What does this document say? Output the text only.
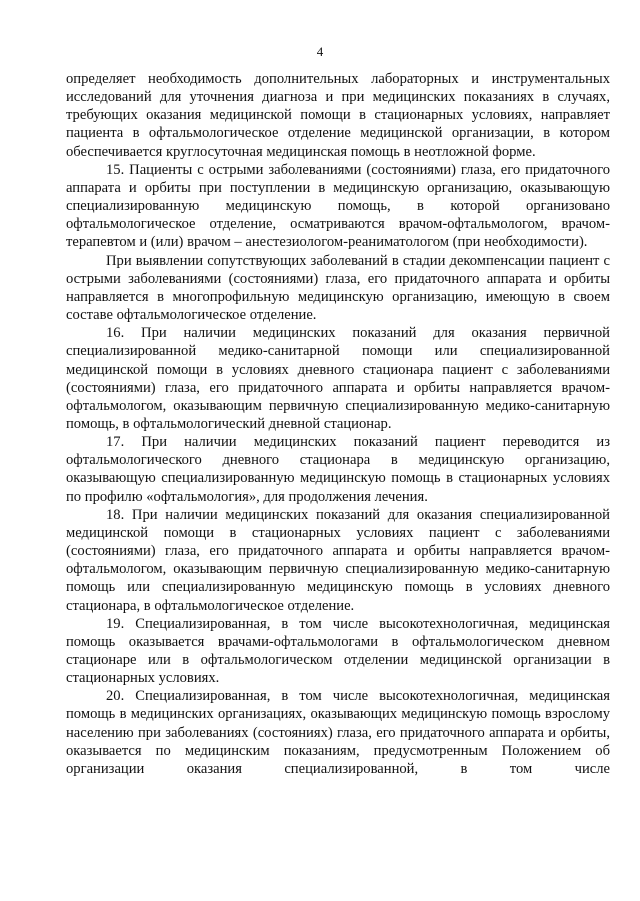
4

определяет необходимость дополнительных лабораторных и инструментальных исследований для уточнения диагноза и при медицинских показаниях в случаях, требующих оказания медицинской помощи в стационарных условиях, направляет пациента в офтальмологическое отделение медицинской организации, в котором обеспечивается круглосуточная медицинская помощь в неотложной форме.

15. Пациенты с острыми заболеваниями (состояниями) глаза, его придаточного аппарата и орбиты при поступлении в медицинскую организацию, оказывающую специализированную медицинскую помощь, в которой организовано офтальмологическое отделение, осматриваются врачом-офтальмологом, врачом-терапевтом и (или) врачом – анестезиологом-реаниматологом (при необходимости).

При выявлении сопутствующих заболеваний в стадии декомпенсации пациент с острыми заболеваниями (состояниями) глаза, его придаточного аппарата и орбиты направляется в многопрофильную медицинскую организацию, имеющую в своем составе офтальмологическое отделение.

16. При наличии медицинских показаний для оказания первичной специализированной медико-санитарной помощи или специализированной медицинской помощи в условиях дневного стационара пациент с заболеваниями (состояниями) глаза, его придаточного аппарата и орбиты направляется врачом-офтальмологом, оказывающим первичную специализированную медико-санитарную помощь, в офтальмологический дневной стационар.

17. При наличии медицинских показаний пациент переводится из офтальмологического дневного стационара в медицинскую организацию, оказывающую специализированную медицинскую помощь в стационарных условиях по профилю «офтальмология», для продолжения лечения.

18. При наличии медицинских показаний для оказания специализированной медицинской помощи в стационарных условиях пациент с заболеваниями (состояниями) глаза, его придаточного аппарата и орбиты направляется врачом-офтальмологом, оказывающим первичную специализированную медико-санитарную помощь или специализированную медицинскую помощь в условиях дневного стационара, в офтальмологическое отделение.

19. Специализированная, в том числе высокотехнологичная, медицинская помощь оказывается врачами-офтальмологами в офтальмологическом дневном стационаре или в офтальмологическом отделении медицинской организации в стационарных условиях.

20. Специализированная, в том числе высокотехнологичная, медицинская помощь в медицинских организациях, оказывающих медицинскую помощь взрослому населению при заболеваниях (состояниях) глаза, его придаточного аппарата и орбиты, оказывается по медицинским показаниям, предусмотренным Положением об организации оказания специализированной, в том числе
